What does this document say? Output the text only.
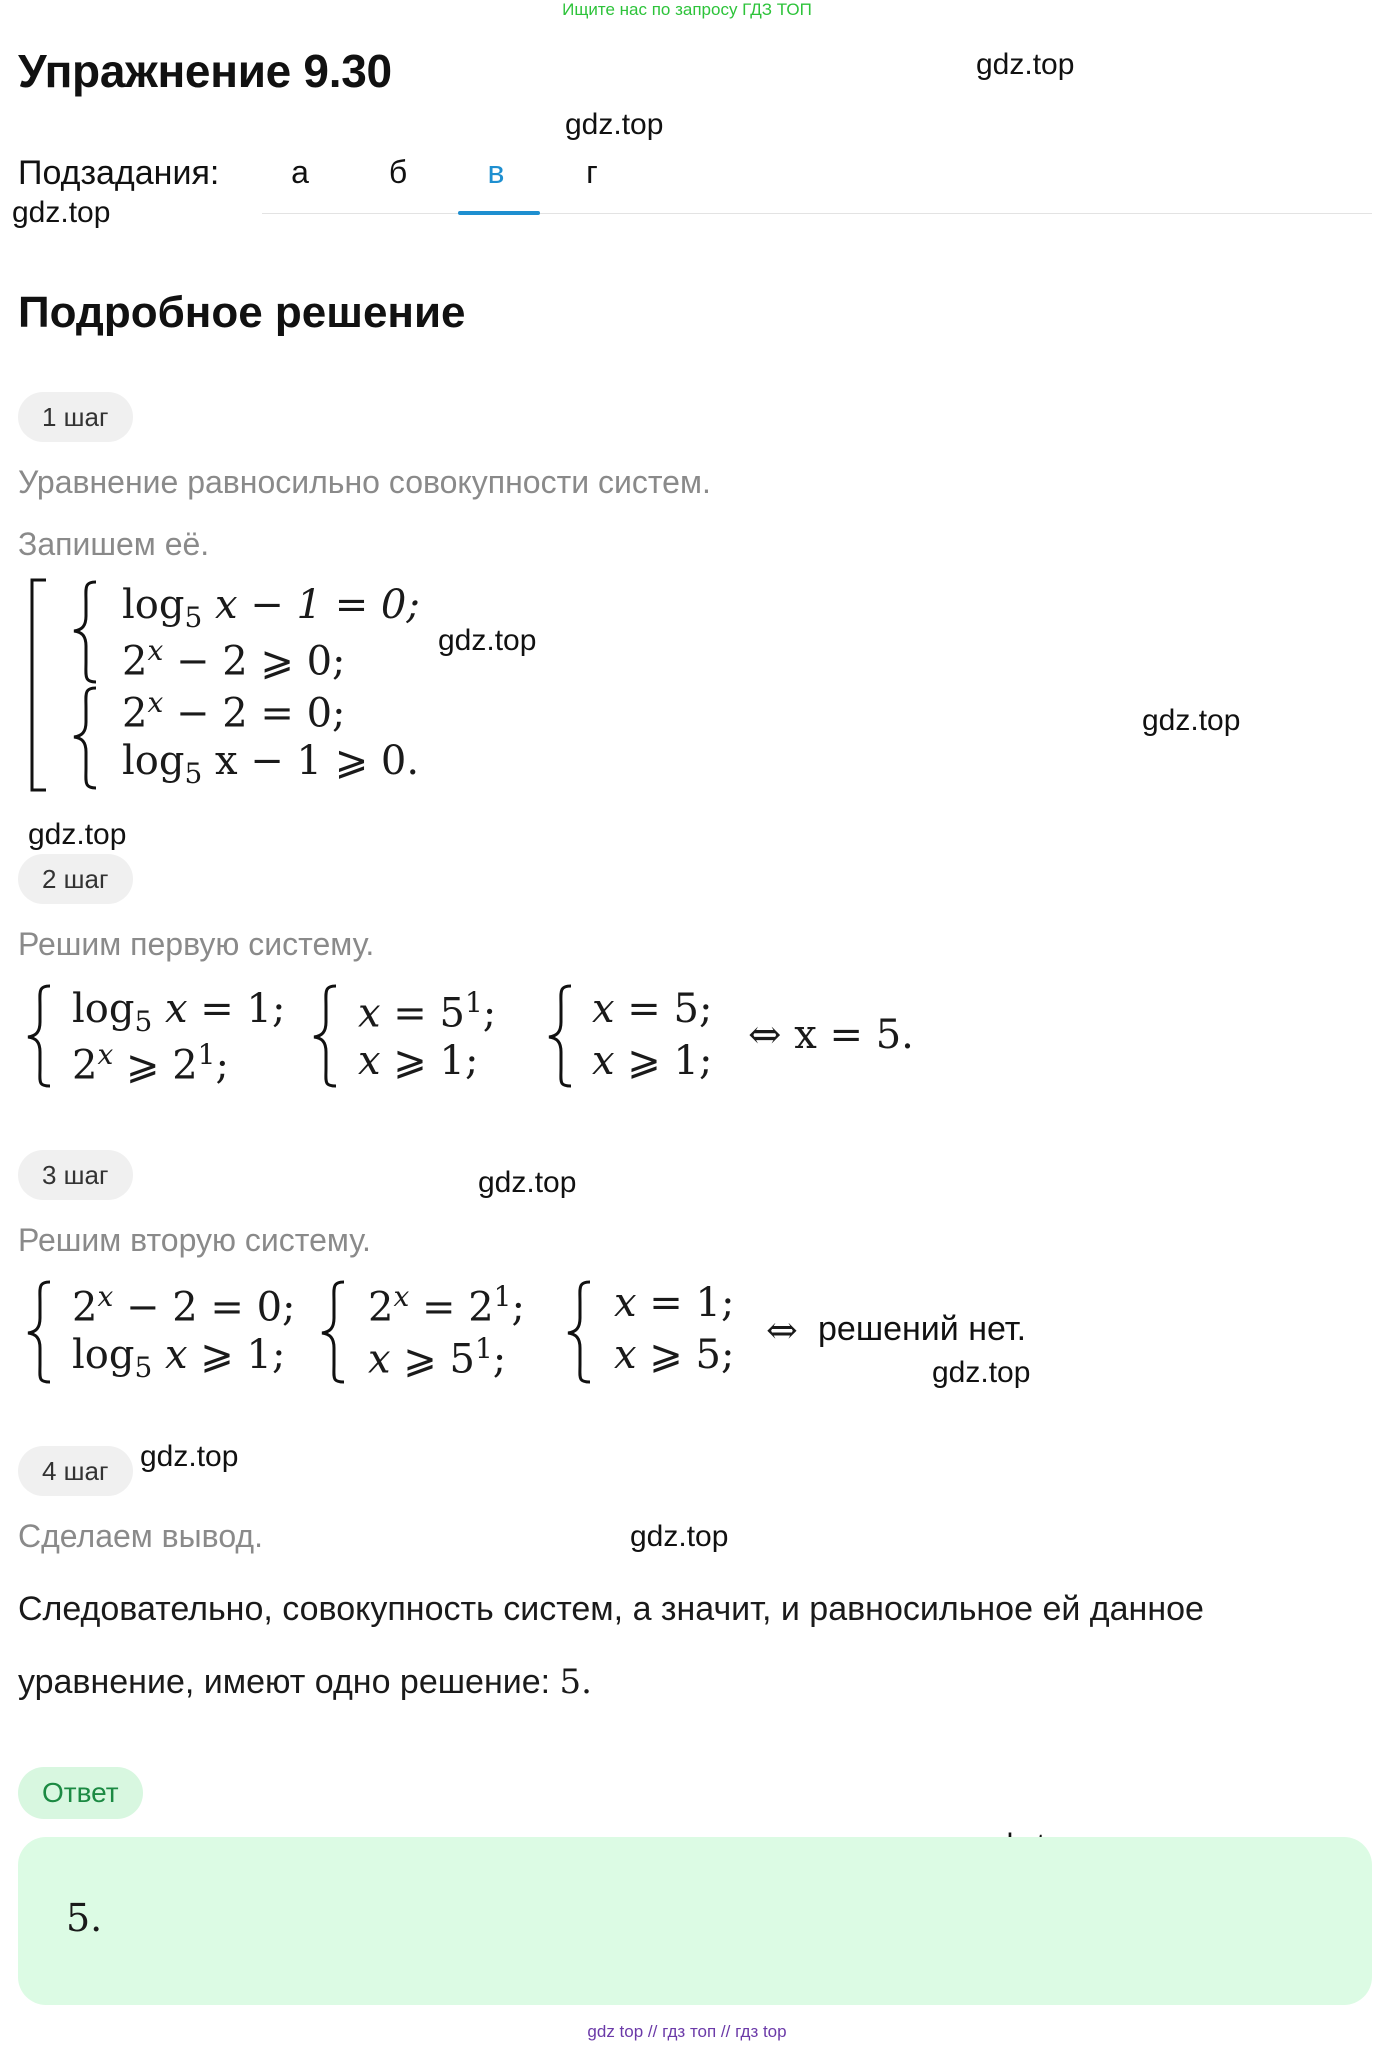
Ищите нас по запросу ГДЗ ТОП
Упражнение 9.30	gdz.top
gdz.top
gdz.top
gdz.top
gdz.top
gdz.top
gdz.top
gdz.top
gdz.top
gdz.top
Подзадания:	а	б	в	г
Подробное решение
1 шаг
Уравнение равносильно совокупности систем.
Запишем её.
$\log_5 x - 1 = 0$;
$2^x - 2$ ⩾ 0;
$2^x - 2 = 0$;
$\log_5 x - 1$ ⩾ 0.
2 шаг
Решим первую систему.
$\log_5 x = 1$;
2$^x$ ⩾ $2^1$;
$x = 5^1$;
x ⩾ 1;
x = 5;
x ⩾ 1;
⇔ x = 5.
3 шаг
Решим вторую систему.
$2^x - 2 = 0$;
$\log_5 x$ ⩾ 1;
$2^x = 2^1$;
x ⩾ $5^1$;
x = 1;
x ⩾ 5;
⇔ решений нет.
4 шаг
Сделаем вывод.
Следовательно, совокупность систем, а значит, и равносильное ей данное
уравнение, имеют одно решение: 5.
Ответ
5.
gdz top // гдз топ // гдз top
